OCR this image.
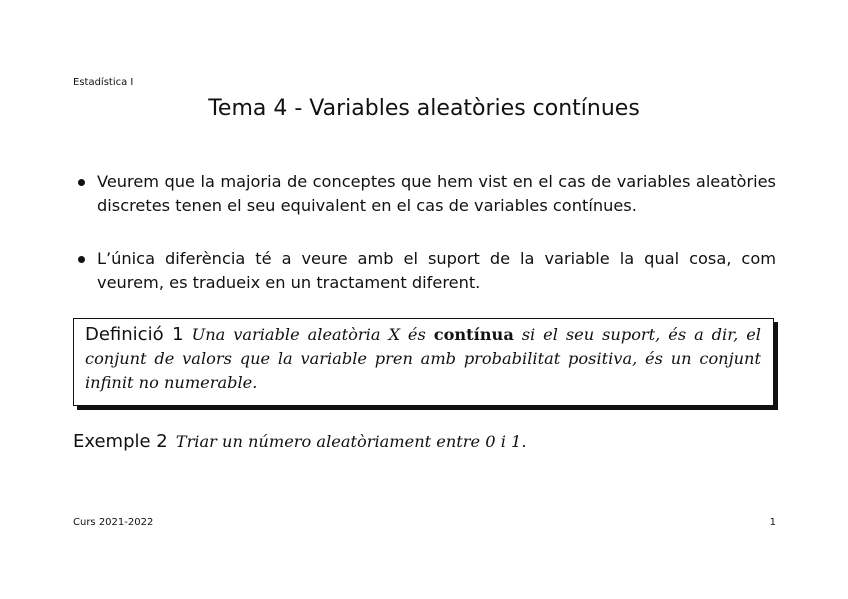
Estadística I
Tema 4 - Variables aleatòries contínues
Veurem que la majoria de conceptes que hem vist en el cas de variables aleatòries discretes tenen el seu equivalent en el cas de variables contínues.
L’única diferència té a veure amb el suport de la variable la qual cosa, com veurem, es tradueix en un tractament diferent.

Definició 1 Una variable aleatòria X és contínua si el seu suport, és a dir, el conjunt de valors que la variable pren amb probabilitat positiva, és un conjunt infinit no numerable.

Exemple 2 Triar un número aleatòriament entre 0 i 1.

Curs 2021-2022	1
